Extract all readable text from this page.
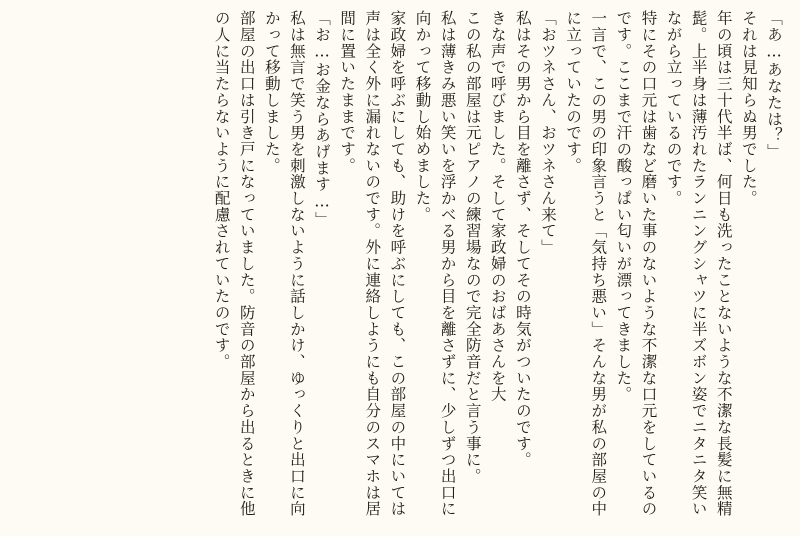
「あ…あなたは？」

それは見知らぬ男でした。

年の頃は三十代半ば、何日も洗ったことないような不潔な長髪に無精髭。上半身は薄汚れたランニングシャツに半ズボン姿でニタニタ笑いながら立っているのです。

特にその口元は歯など磨いた事のないような不潔な口元をしているのです。ここまで汗の酸っぱい匂いが漂ってきました。

一言で、この男の印象言うと「気持ち悪い」そんな男が私の部屋の中に立っていたのです。

「おツネさん、おツネさん来て」

私はその男から目を離さず、そしてその時気がついたのです。

きな声で呼びました。そして家政婦のおばあさんを大

この私の部屋は元ピアノの練習場なので完全防音だと言う事に。

私は薄きみ悪い笑いを浮かべる男から目を離さずに、少しずつ出口に向かって移動し始めました。

家政婦を呼ぶにしても、助けを呼ぶにしても、この部屋の中にいては声は全く外に漏れないのです。外に連絡しようにも自分のスマホは居間に置いたままです。

「お…お金ならあげます…」

私は無言で笑う男を刺激しないように話しかけ、ゆっくりと出口に向かって移動しました。

部屋の出口は引き戸になっていました。防音の部屋から出るときに他の人に当たらないように配慮されていたのです。
